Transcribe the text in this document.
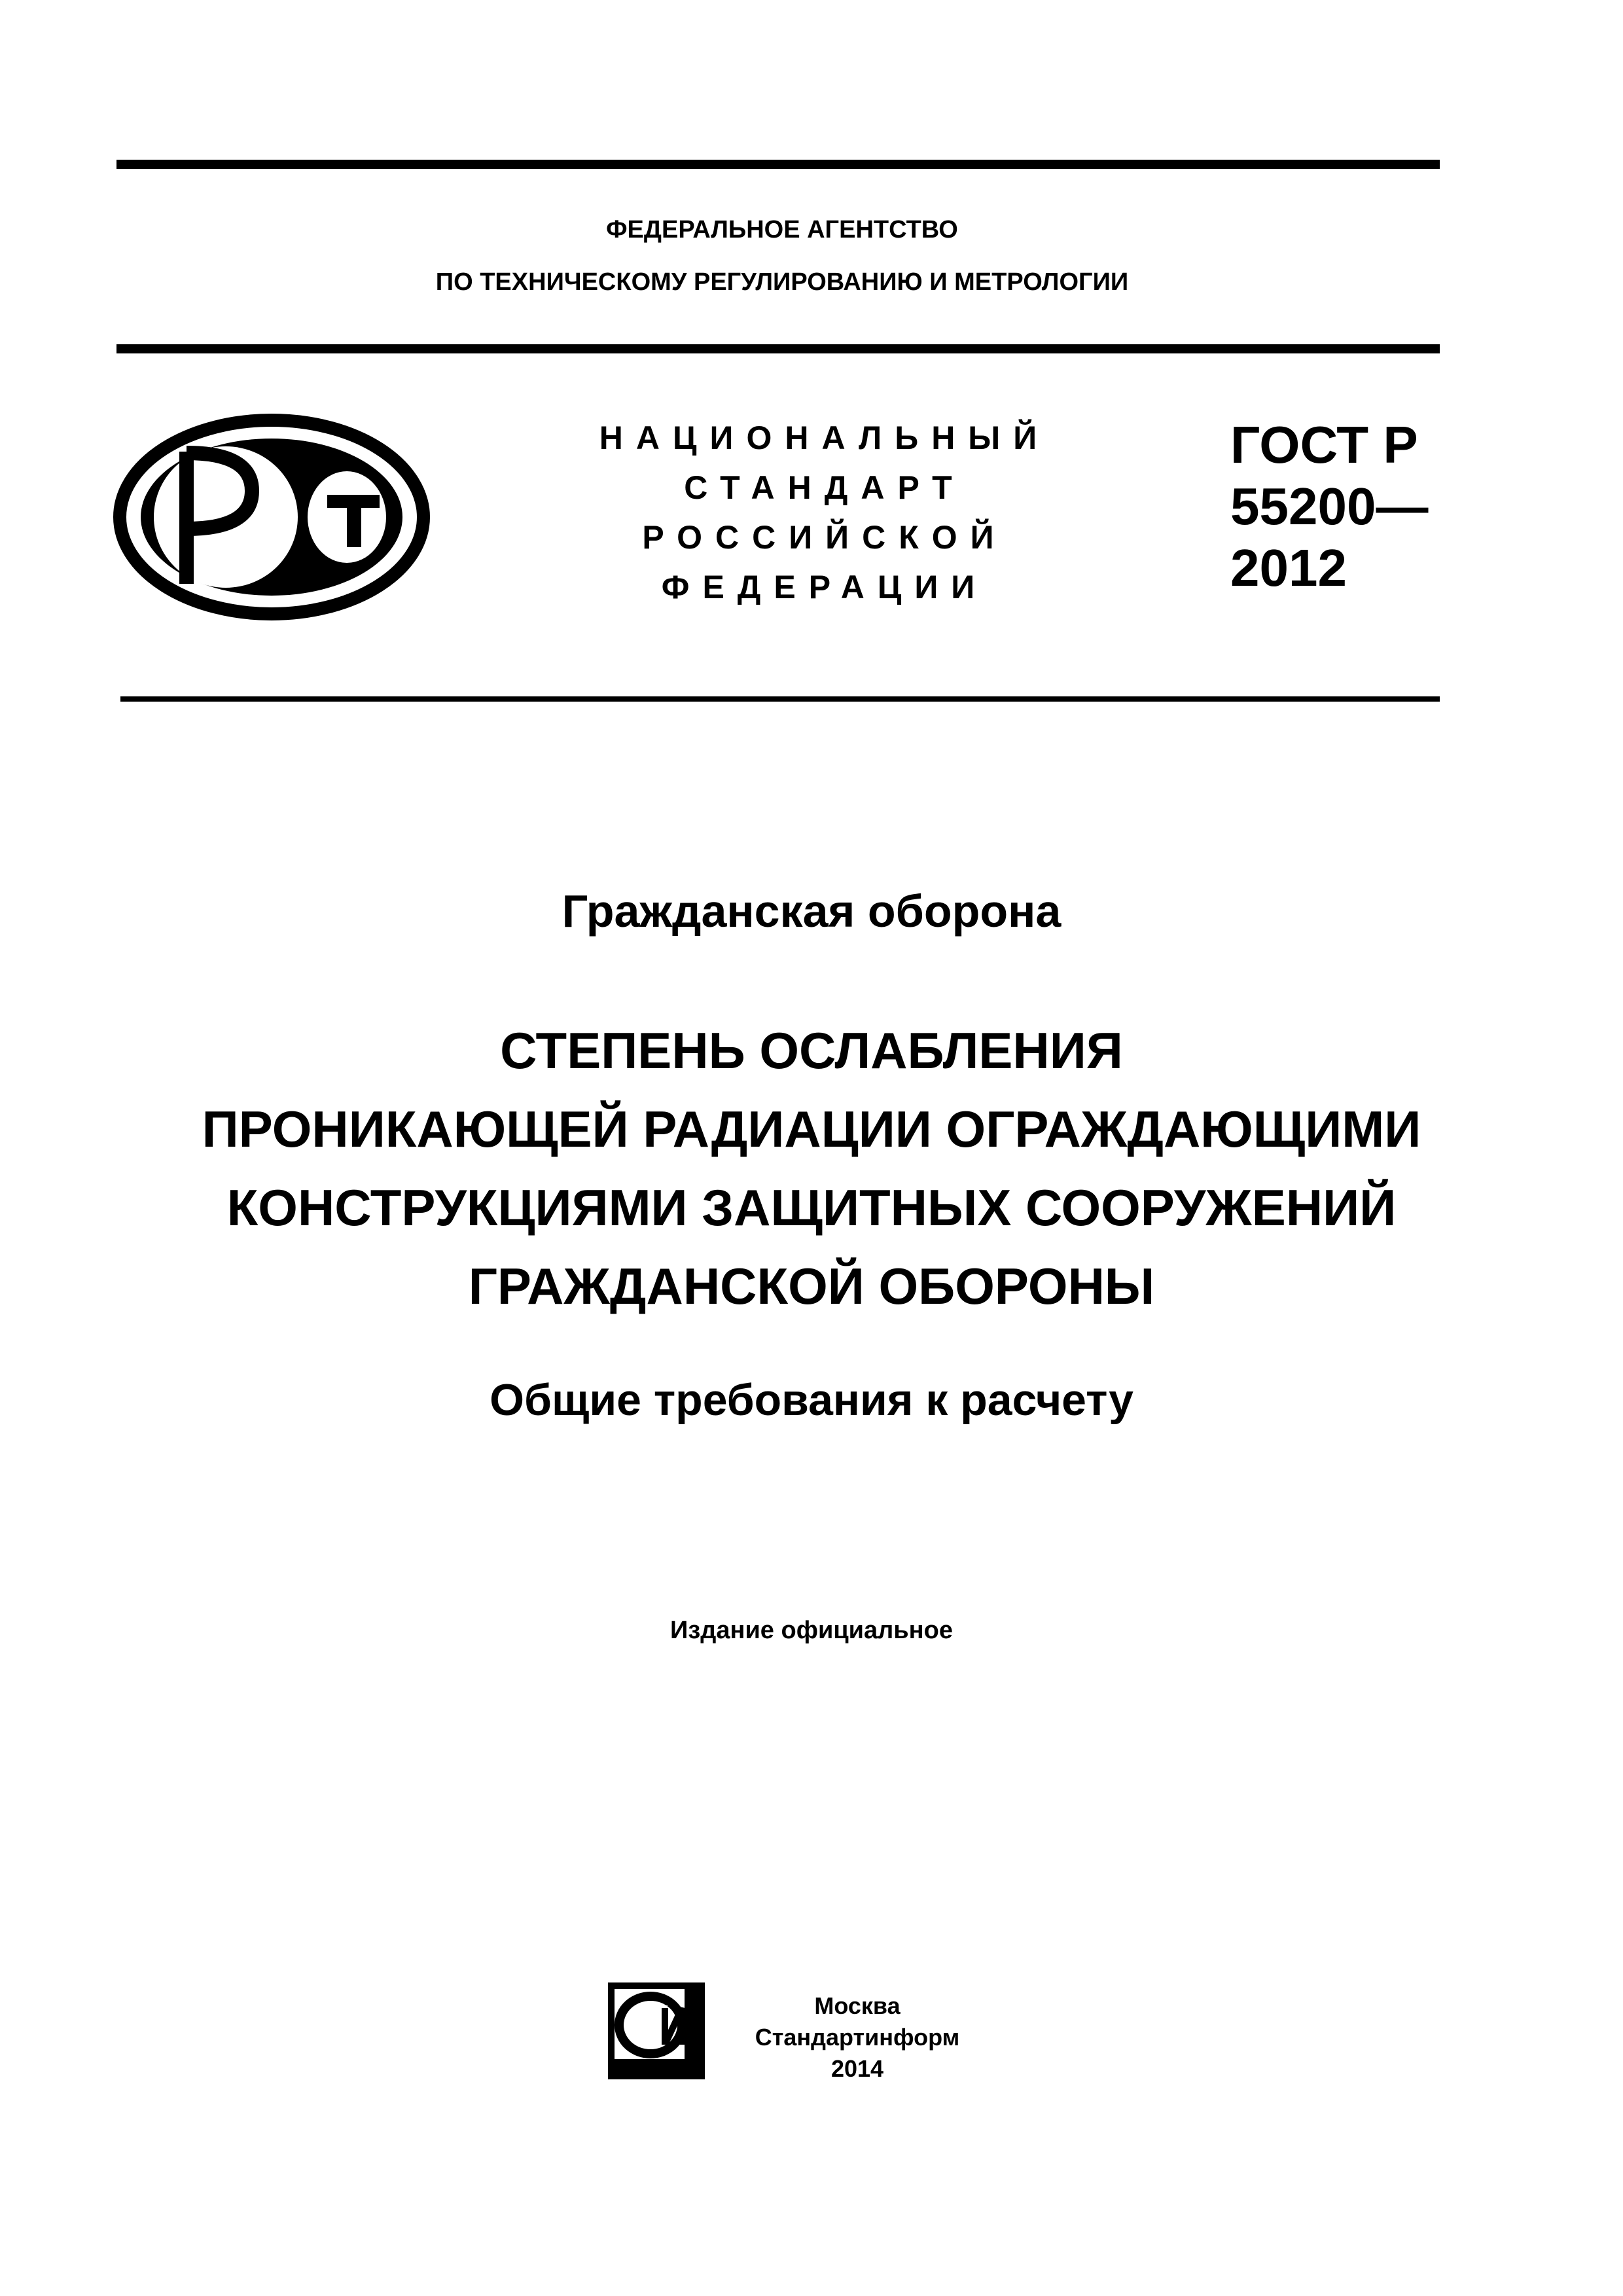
ФЕДЕРАЛЬНОЕ АГЕНТСТВО
ПО ТЕХНИЧЕСКОМУ РЕГУЛИРОВАНИЮ И МЕТРОЛОГИИ
НАЦИОНАЛЬНЫЙ
СТАНДАРТ
РОССИЙСКОЙ
ФЕДЕРАЦИИ
ГОСТ Р
55200—
2012
Гражданская оборона
СТЕПЕНЬ ОСЛАБЛЕНИЯ
ПРОНИКАЮЩЕЙ РАДИАЦИИ ОГРАЖДАЮЩИМИ
КОНСТРУКЦИЯМИ ЗАЩИТНЫХ СООРУЖЕНИЙ
ГРАЖДАНСКОЙ ОБОРОНЫ
Общие требования к расчету
Издание официальное
Москва
Стандартинформ
2014
